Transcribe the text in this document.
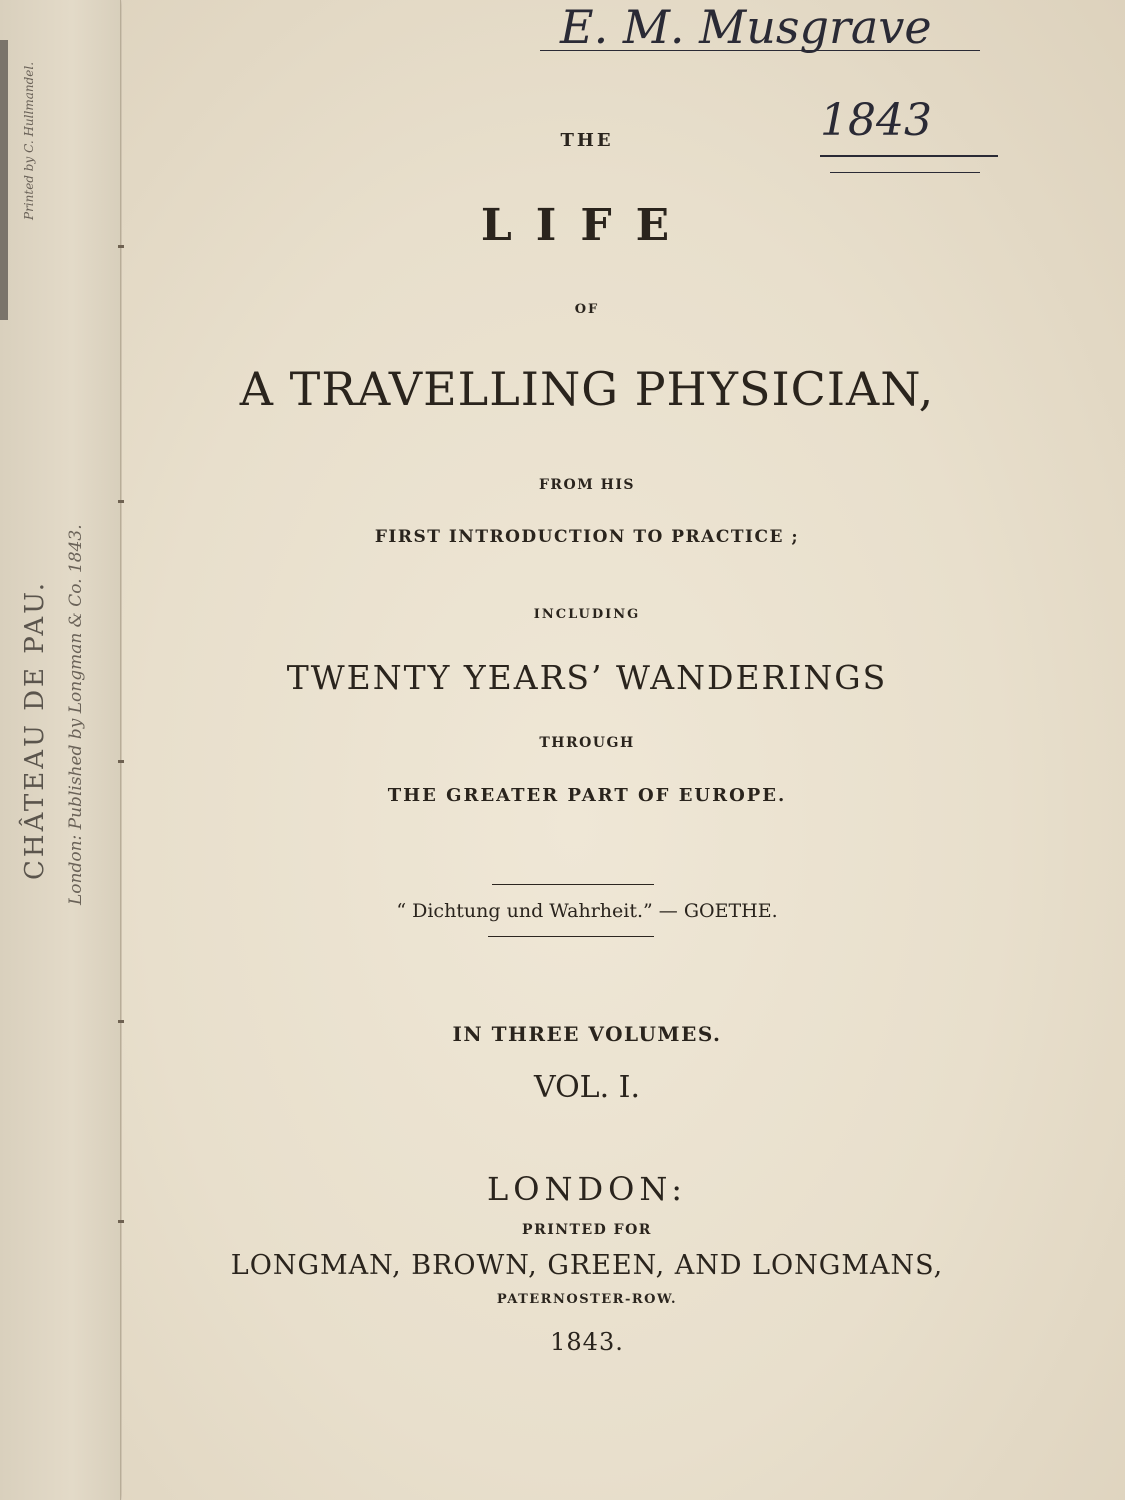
Printed by C. Hullmandel.
CHÂTEAU DE PAU. London: Published by Longman & Co. 1843.
E. M. Musgrave
1843
THE
LIFE
OF
A TRAVELLING PHYSICIAN,
FROM HIS
FIRST INTRODUCTION TO PRACTICE ;
INCLUDING
TWENTY YEARS’ WANDERINGS
THROUGH
THE GREATER PART OF EUROPE.
“ Dichtung und Wahrheit.” — GOETHE.
IN THREE VOLUMES.
VOL. I.
LONDON:
PRINTED FOR
LONGMAN, BROWN, GREEN, AND LONGMANS,
PATERNOSTER-ROW.
1843.
